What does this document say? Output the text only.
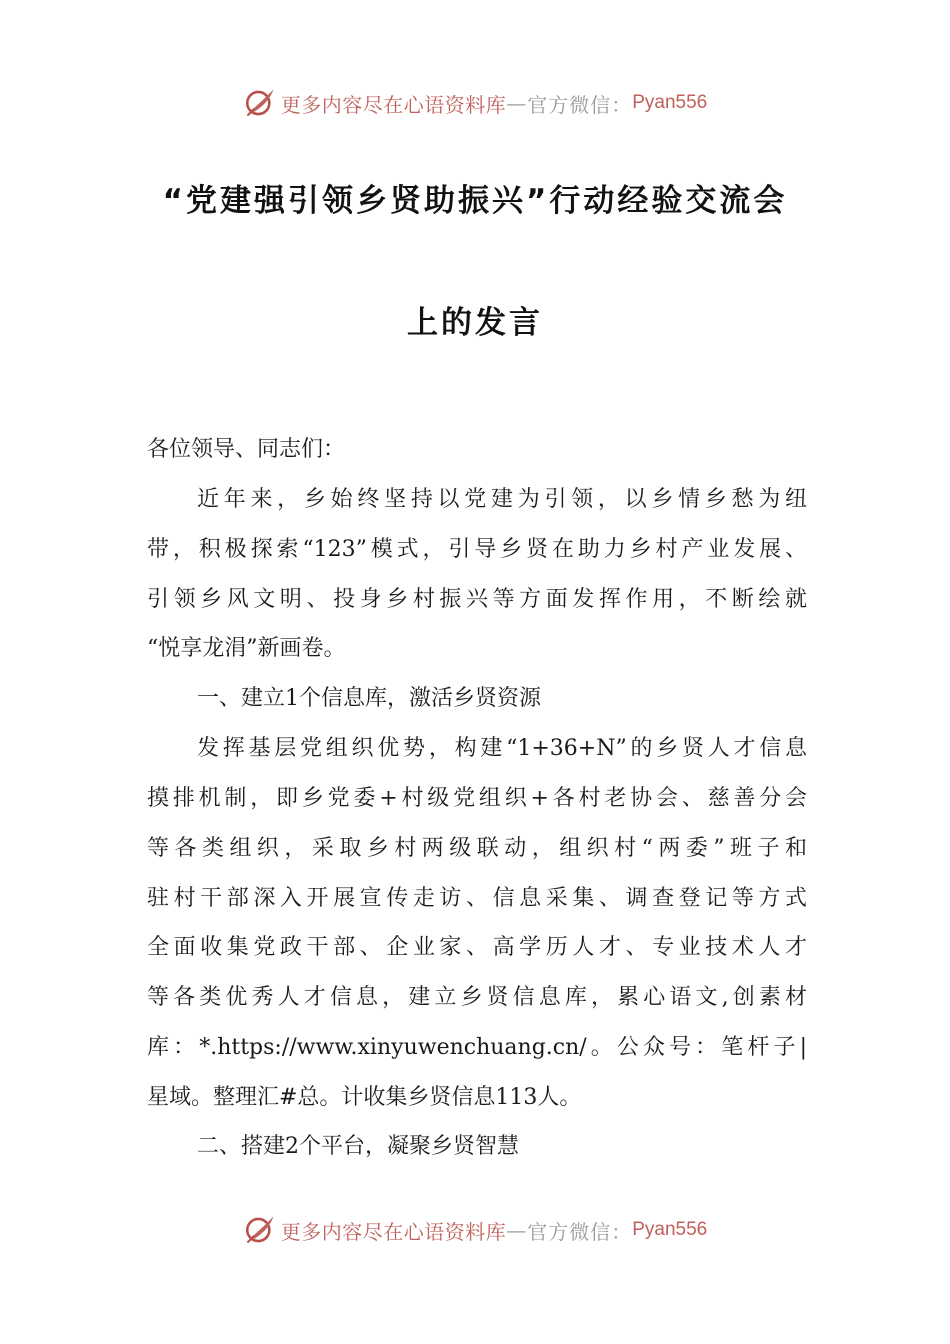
更多内容尽在心语资料库 — 官方微信： Pyan556
“党建强引领乡贤助振兴”行动经验交流会
上的发言
各位领导、同志们：
近年来，乡始终坚持以党建为引领，以乡情乡愁为纽
带，积极探索“123”模式，引导乡贤在助力乡村产业发展、
引领乡风文明、投身乡村振兴等方面发挥作用，不断绘就
“悦享龙涓”新画卷。
一、建立1个信息库，激活乡贤资源
发挥基层党组织优势，构建“1+36+N”的乡贤人才信息
摸排机制，即乡党委+村级党组织+各村老协会、慈善分会
等各类组织，采取乡村两级联动，组织村“两委”班子和
驻村干部深入开展宣传走访、信息采集、调查登记等方式
全面收集党政干部、企业家、高学历人才、专业技术人才
等各类优秀人才信息，建立乡贤信息库，累心语文,创素材
库：*.https://www.xinyuwenchuang.cn/。公众号：笔杆子|
星域。整理汇#总。计收集乡贤信息113人。
二、搭建2个平台，凝聚乡贤智慧
更多内容尽在心语资料库 — 官方微信： Pyan556
